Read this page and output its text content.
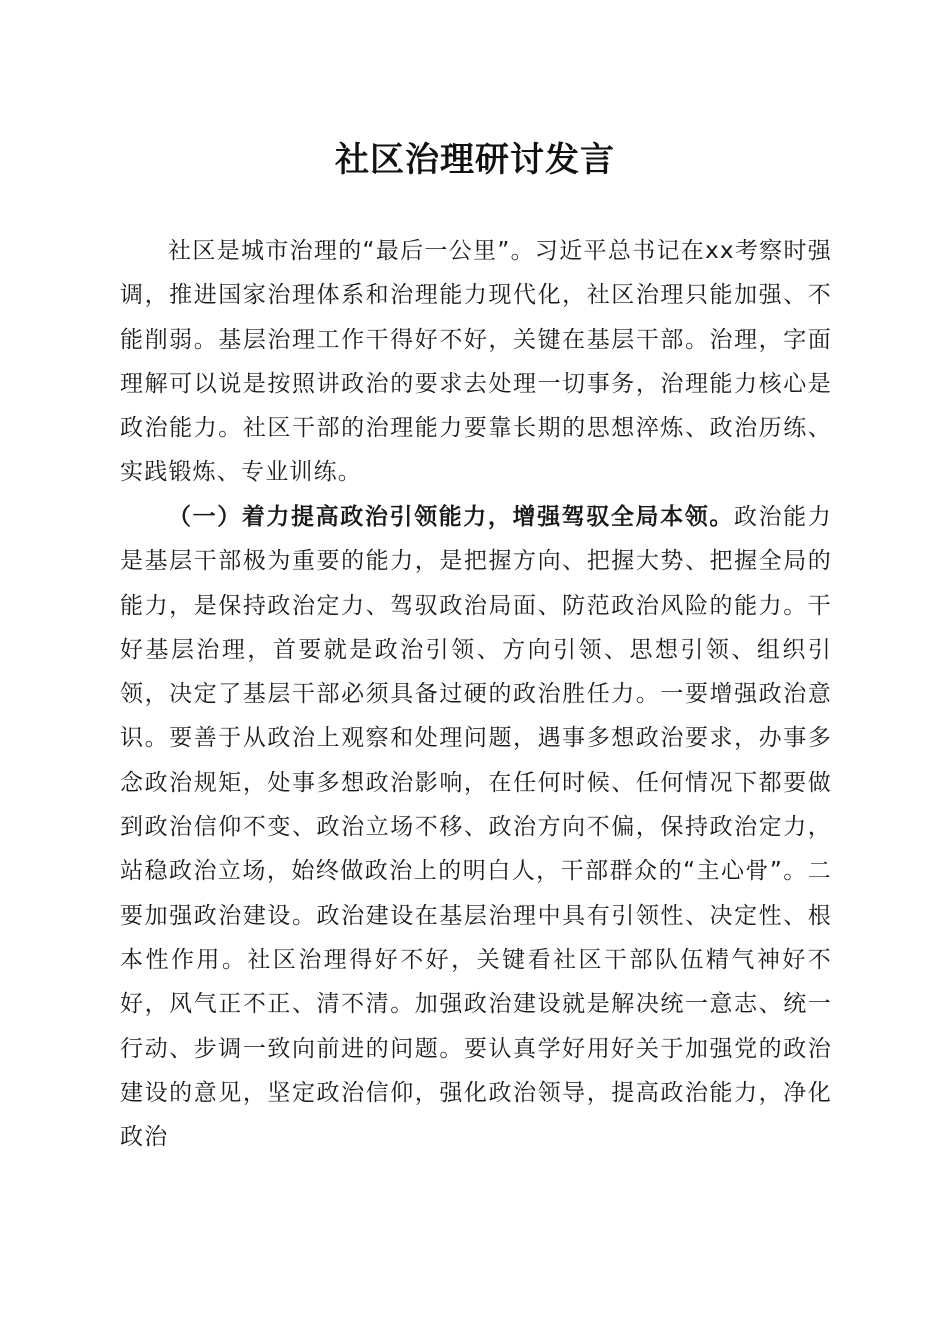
社区治理研讨发言

社区是城市治理的“最后一公里”。习近平总书记在xx考察时强调，推进国家治理体系和治理能力现代化，社区治理只能加强、不能削弱。基层治理工作干得好不好，关键在基层干部。治理，字面理解可以说是按照讲政治的要求去处理一切事务，治理能力核心是政治能力。社区干部的治理能力要靠长期的思想淬炼、政治历练、实践锻炼、专业训练。

（一）着力提高政治引领能力，增强驾驭全局本领。政治能力是基层干部极为重要的能力，是把握方向、把握大势、把握全局的能力，是保持政治定力、驾驭政治局面、防范政治风险的能力。干好基层治理，首要就是政治引领、方向引领、思想引领、组织引领，决定了基层干部必须具备过硬的政治胜任力。一要增强政治意识。要善于从政治上观察和处理问题，遇事多想政治要求，办事多念政治规矩，处事多想政治影响，在任何时候、任何情况下都要做到政治信仰不变、政治立场不移、政治方向不偏，保持政治定力，站稳政治立场，始终做政治上的明白人，干部群众的“主心骨”。二要加强政治建设。政治建设在基层治理中具有引领性、决定性、根本性作用。社区治理得好不好，关键看社区干部队伍精气神好不好，风气正不正、清不清。加强政治建设就是解决统一意志、统一行动、步调一致向前进的问题。要认真学好用好关于加强党的政治建设的意见，坚定政治信仰，强化政治领导，提高政治能力，净化政治
